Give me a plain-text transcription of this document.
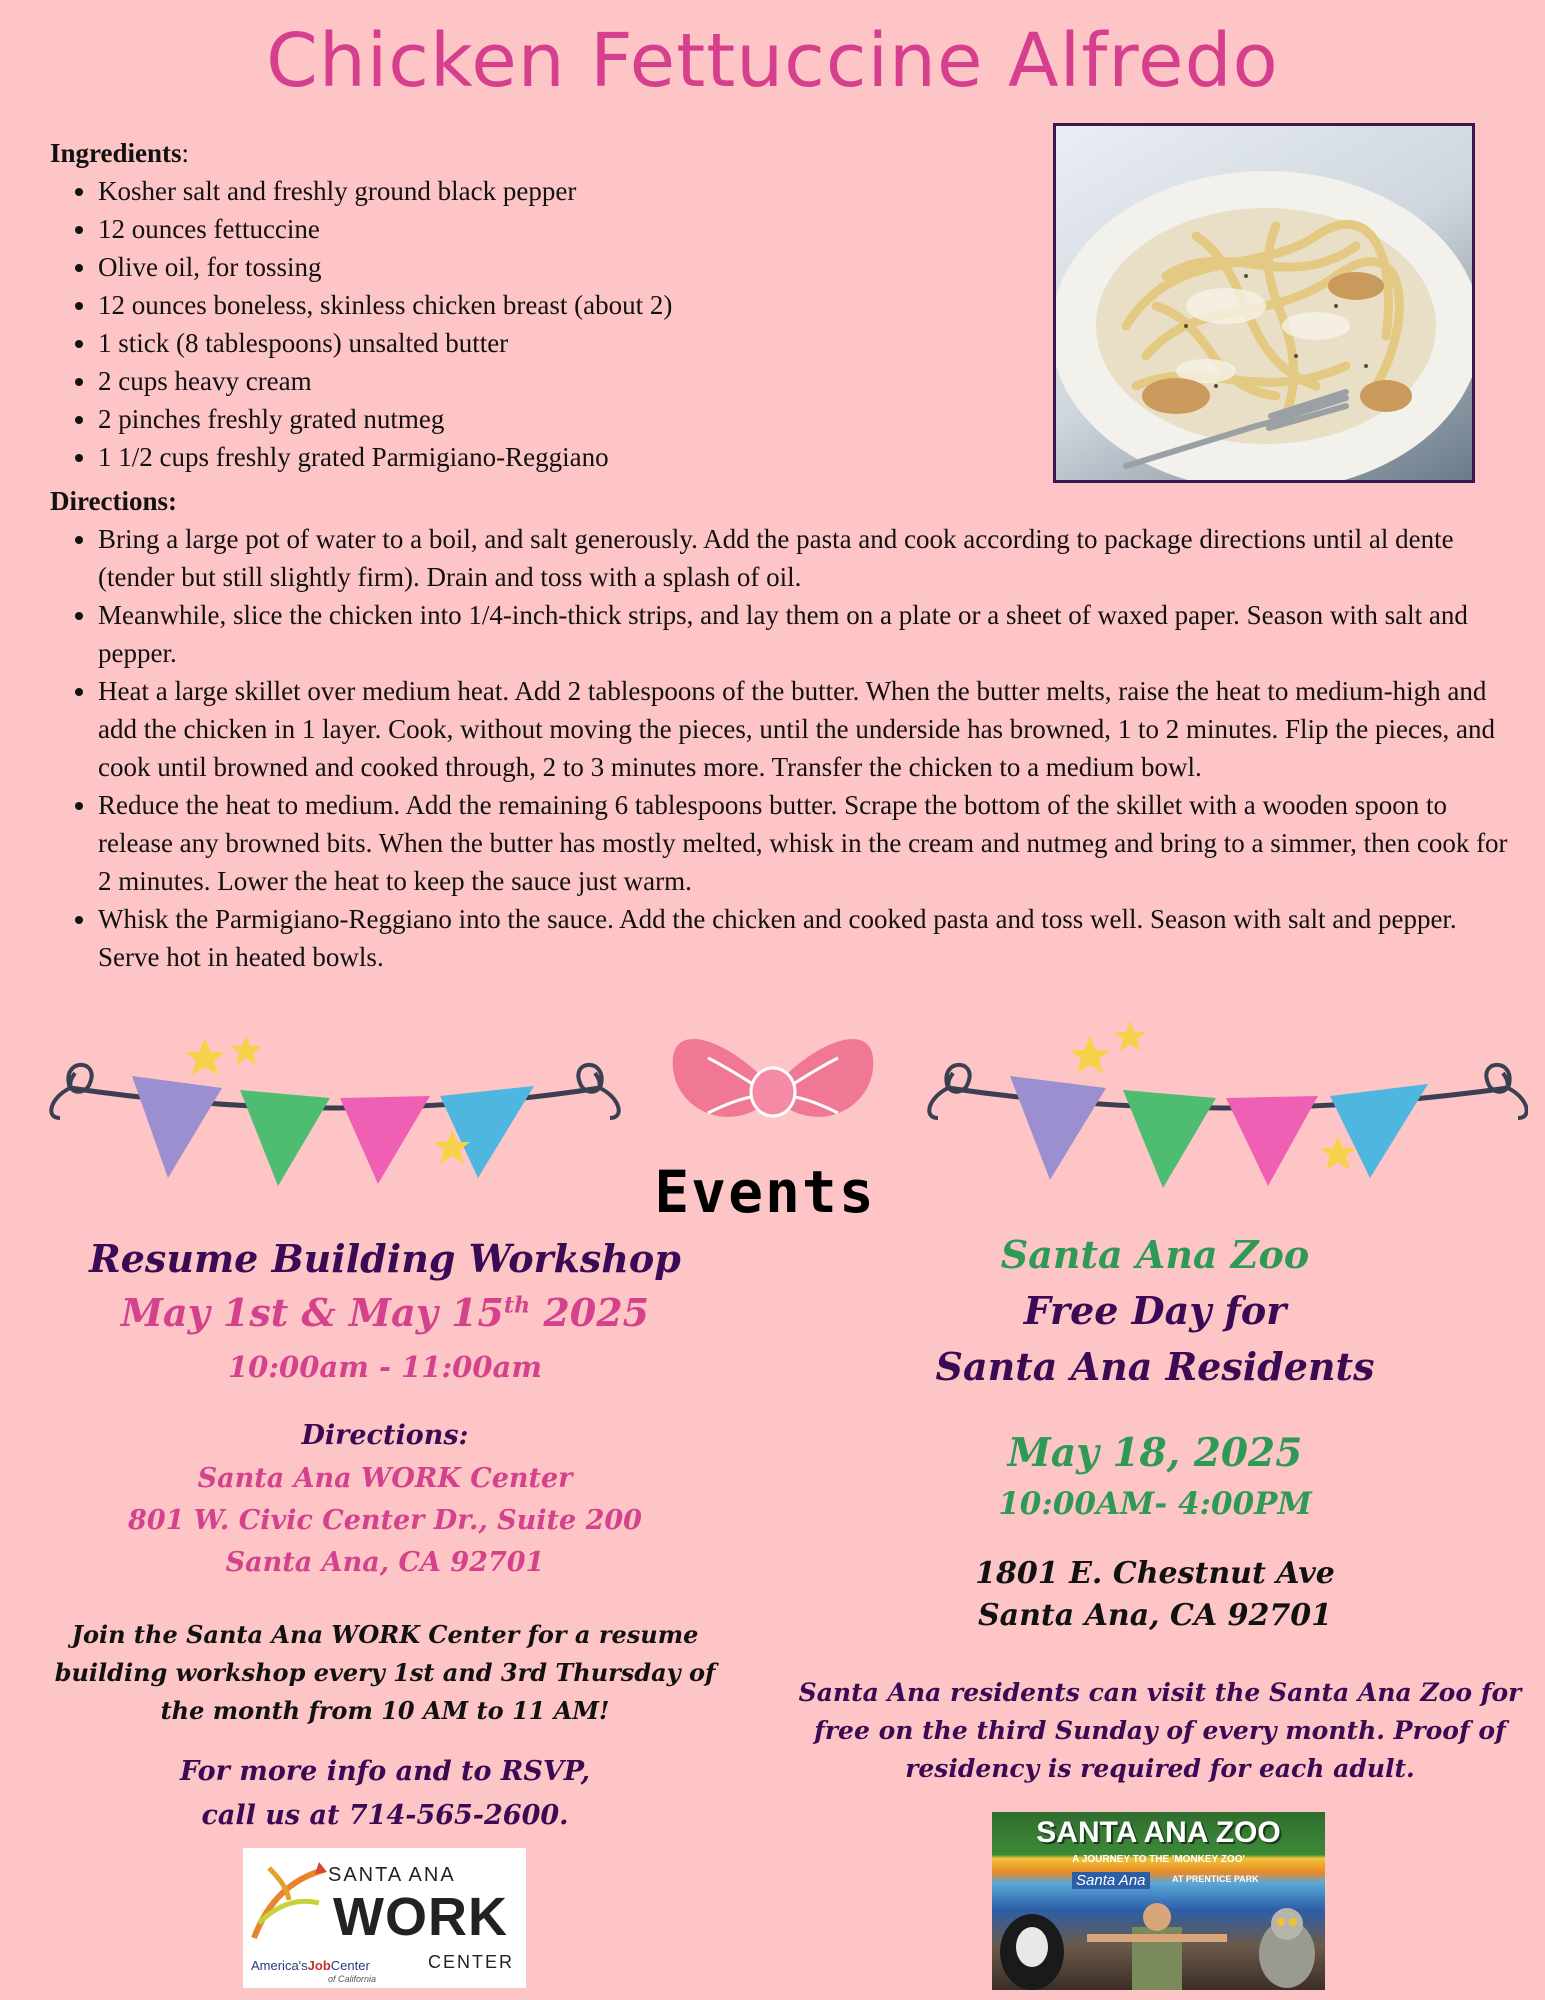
Chicken Fettuccine Alfredo
Ingredients:
• Kosher salt and freshly ground black pepper
• 12 ounces fettuccine
• Olive oil, for tossing
• 12 ounces boneless, skinless chicken breast (about 2)
• 1 stick (8 tablespoons) unsalted butter
• 2 cups heavy cream
• 2 pinches freshly grated nutmeg
• 1 1/2 cups freshly grated Parmigiano-Reggiano
Directions:
• Bring a large pot of water to a boil, and salt generously. Add the pasta and cook according to package directions until al dente (tender but still slightly firm). Drain and toss with a splash of oil.
• Meanwhile, slice the chicken into 1/4-inch-thick strips, and lay them on a plate or a sheet of waxed paper. Season with salt and pepper.
• Heat a large skillet over medium heat. Add 2 tablespoons of the butter. When the butter melts, raise the heat to medium-high and add the chicken in 1 layer. Cook, without moving the pieces, until the underside has browned, 1 to 2 minutes. Flip the pieces, and cook until browned and cooked through, 2 to 3 minutes more. Transfer the chicken to a medium bowl.
• Reduce the heat to medium. Add the remaining 6 tablespoons butter. Scrape the bottom of the skillet with a wooden spoon to release any browned bits. When the butter has mostly melted, whisk in the cream and nutmeg and bring to a simmer, then cook for 2 minutes. Lower the heat to keep the sauce just warm.
• Whisk the Parmigiano-Reggiano into the sauce. Add the chicken and cooked pasta and toss well. Season with salt and pepper. Serve hot in heated bowls.
Events
Resume Building Workshop
May 1st & May 15th 2025
10:00am - 11:00am
Directions:
Santa Ana WORK Center
801 W. Civic Center Dr., Suite 200
Santa Ana, CA 92701
Join the Santa Ana WORK Center for a resume building workshop every 1st and 3rd Thursday of the month from 10 AM to 11 AM!
For more info and to RSVP,
call us at 714-565-2600.
SANTA ANA
WORK
CENTER
America'sJobCenter
of California
Santa Ana Zoo
Free Day for
Santa Ana Residents
May 18, 2025
10:00AM- 4:00PM
1801 E. Chestnut Ave
Santa Ana, CA 92701
Santa Ana residents can visit the Santa Ana Zoo for free on the third Sunday of every month. Proof of residency is required for each adult.
SANTA ANA ZOO
A JOURNEY TO THE 'MONKEY ZOO'
Santa Ana	AT PRENTICE PARK
